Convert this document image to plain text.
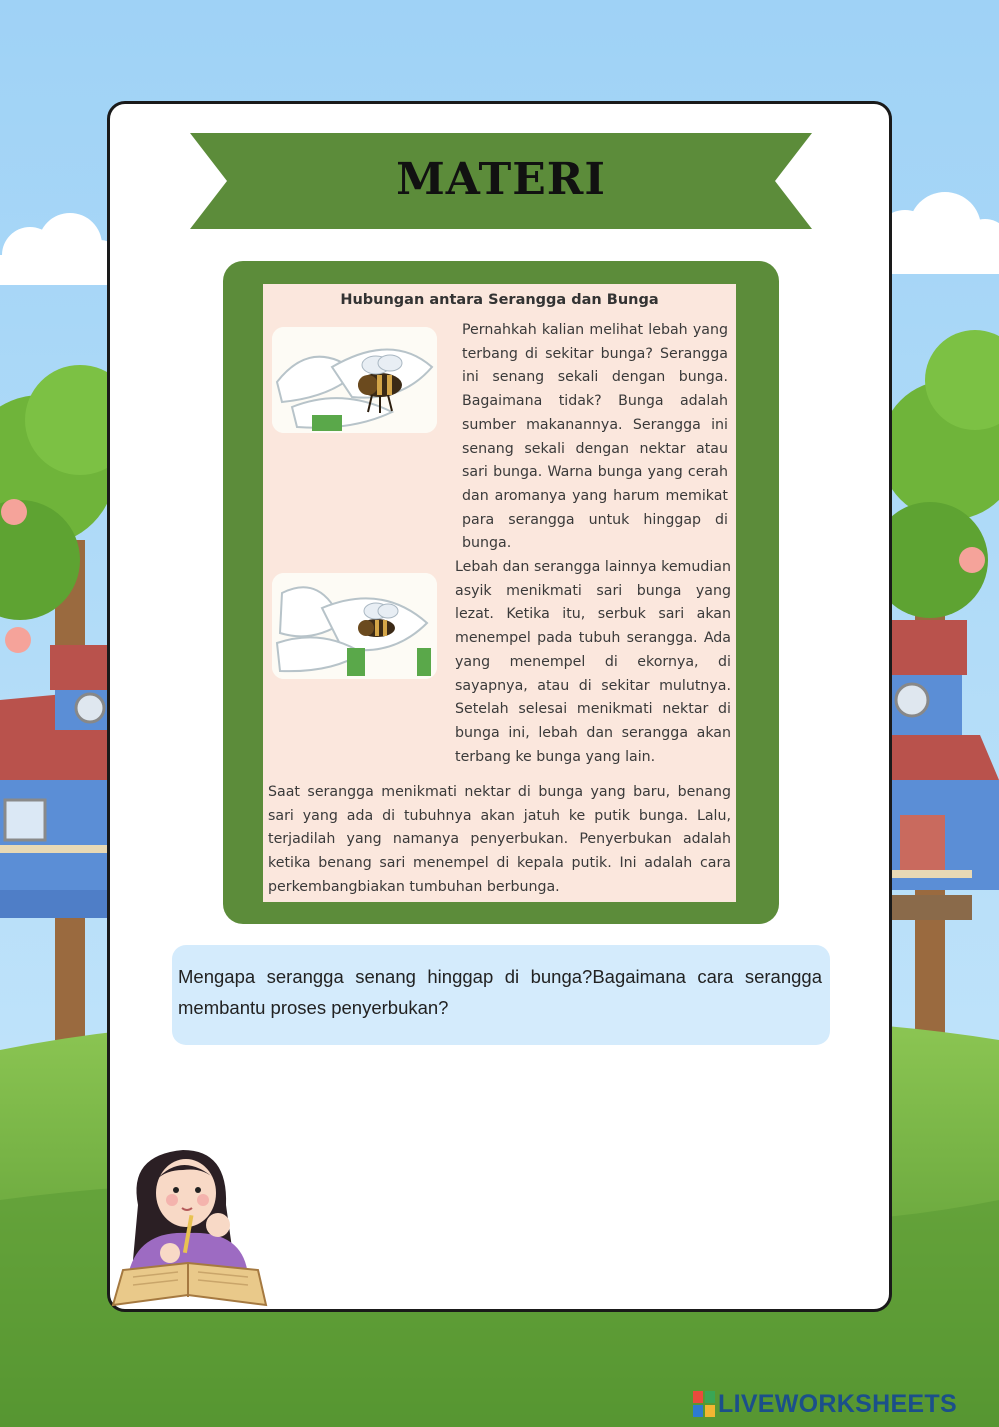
MATERI
Hubungan antara Serangga dan Bunga
Pernahkah kalian melihat lebah yang terbang di sekitar bunga? Serangga ini senang sekali dengan bunga. Bagaimana tidak? Bunga adalah sumber makanannya. Serangga ini senang sekali dengan nektar atau sari bunga. Warna bunga yang cerah dan aromanya yang harum memikat para serangga untuk hinggap di bunga.
Lebah dan serangga lainnya kemudian asyik menikmati sari bunga yang lezat. Ketika itu, serbuk sari akan menempel pada tubuh serangga. Ada yang menempel di ekornya, di sayapnya, atau di sekitar mulutnya. Setelah selesai menikmati nektar di bunga ini, lebah dan serangga akan terbang ke bunga yang lain.
Saat serangga menikmati nektar di bunga yang baru, benang sari yang ada di tubuhnya akan jatuh ke putik bunga. Lalu, terjadilah yang namanya penyerbukan. Penyerbukan adalah ketika benang sari menempel di kepala putik. Ini adalah cara perkembangbiakan tumbuhan berbunga.
Mengapa serangga senang hinggap di bunga?Bagaimana cara serangga membantu proses penyerbukan?
LIVEWORKSHEETS
